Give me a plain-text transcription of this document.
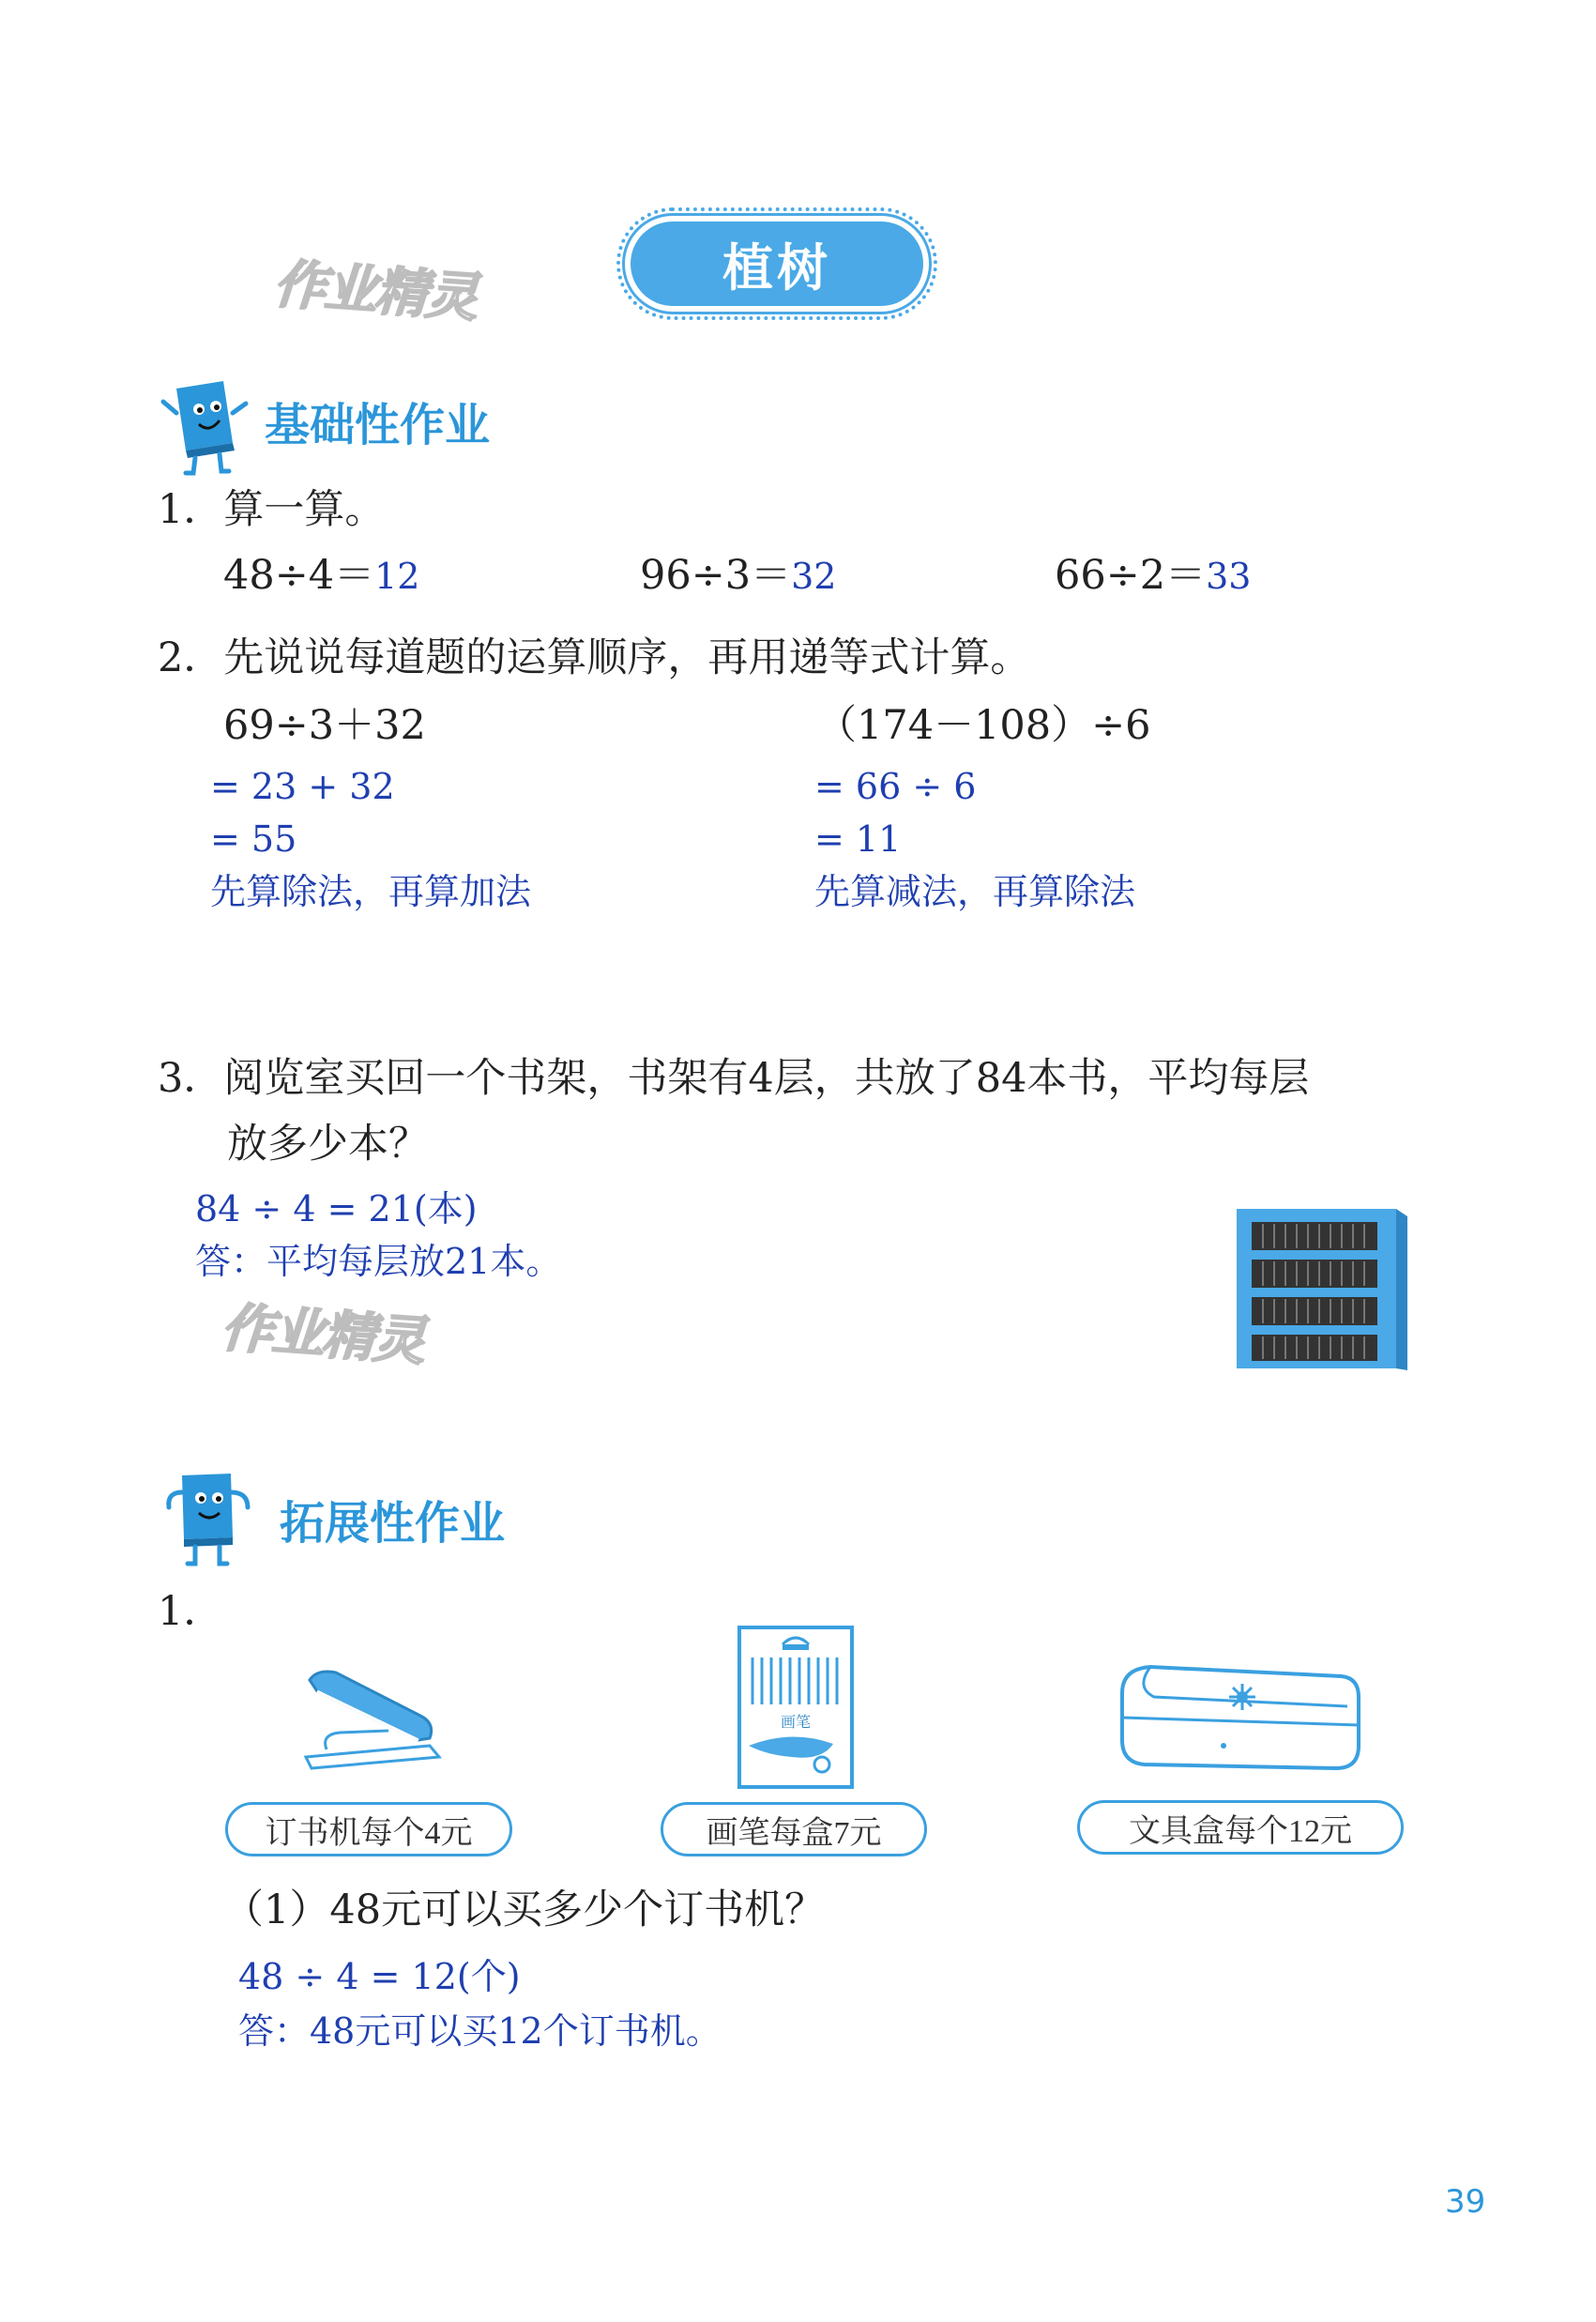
作业精灵
作业精灵
植树
基础性作业
1．算一算。
48÷4＝12	96÷3＝32	66÷2＝33
2．先说说每道题的运算顺序，再用递等式计算。
69÷3＋32
= 23 + 32
= 55
先算除法，再算加法
（174－108）÷6
= 66 ÷ 6
= 11
先算减法，再算除法
3．阅览室买回一个书架，书架有4层，共放了84本书，平均每层
放多少本？
84 ÷ 4 = 21(本)
答：平均每层放21本。
拓展性作业
1．
订书机每个4元
画笔
画笔每盒7元	文具盒每个12元
（1）48元可以买多少个订书机？
48 ÷ 4 = 12(个)
答：48元可以买12个订书机。
39
